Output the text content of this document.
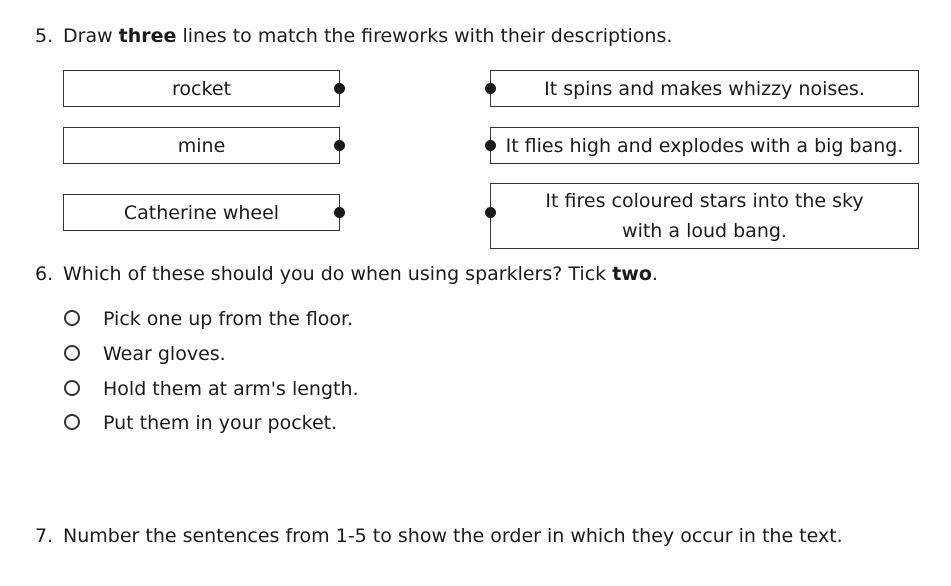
5. Draw three lines to match the fireworks with their descriptions.
rocket
mine
Catherine wheel
It spins and makes whizzy noises.
It flies high and explodes with a big bang.
It fires coloured stars into the sky with a loud bang.
6. Which of these should you do when using sparklers? Tick two.
Pick one up from the floor.
Wear gloves.
Hold them at arm's length.
Put them in your pocket.
7. Number the sentences from 1-5 to show the order in which they occur in the text.
